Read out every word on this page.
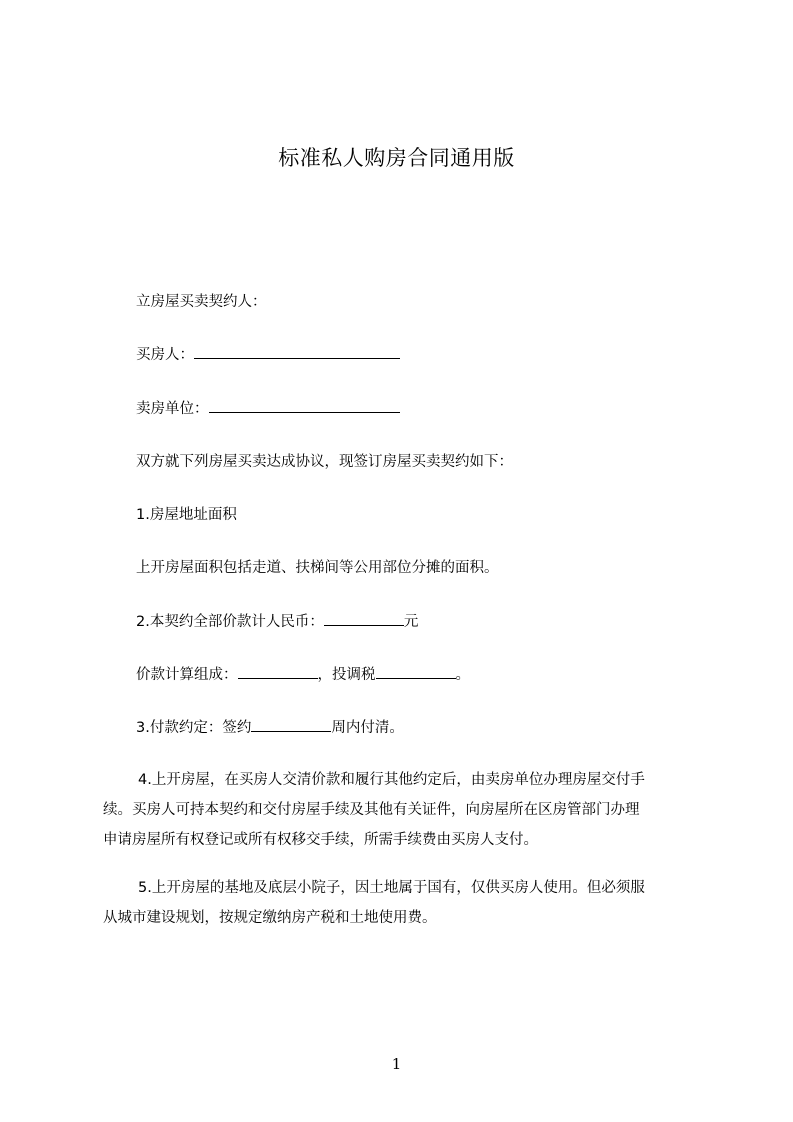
标准私人购房合同通用版
立房屋买卖契约人：
买房人：
卖房单位：
双方就下列房屋买卖达成协议，现签订房屋买卖契约如下：
1.房屋地址面积
上开房屋面积包括走道、扶梯间等公用部位分摊的面积。
2.本契约全部价款计人民币：	元
价款计算组成：	，投调税	。
3.付款约定：签约	周内付清。
4.上开房屋，在买房人交清价款和履行其他约定后，由卖房单位办理房屋交付手
续。买房人可持本契约和交付房屋手续及其他有关证件，向房屋所在区房管部门办理
申请房屋所有权登记或所有权移交手续，所需手续费由买房人支付。
5.上开房屋的基地及底层小院子，因土地属于国有，仅供买房人使用。但必须服
从城市建设规划，按规定缴纳房产税和土地使用费。
1
